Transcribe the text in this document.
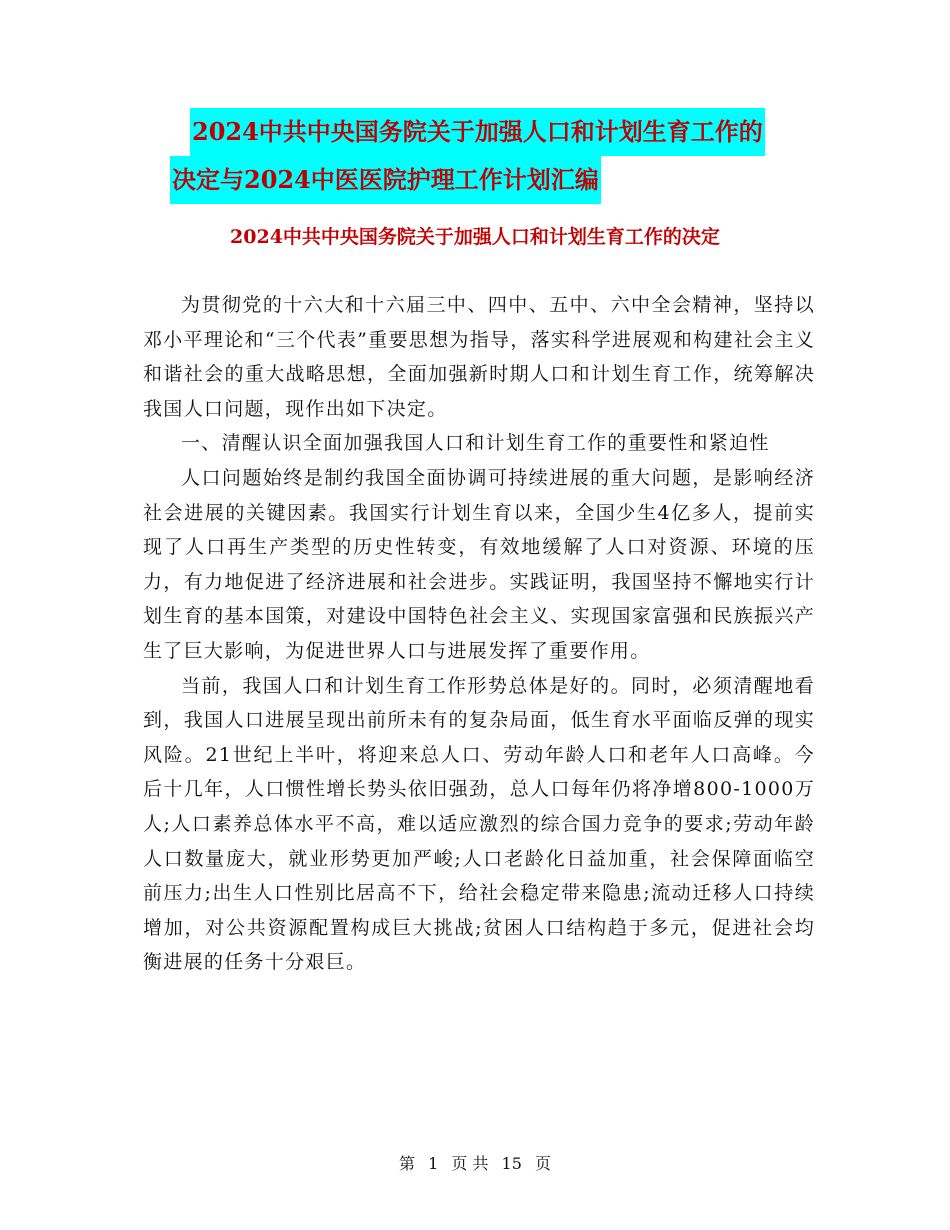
2024中共中央国务院关于加强人口和计划生育工作的
决定与2024中医医院护理工作计划汇编
2024中共中央国务院关于加强人口和计划生育工作的决定

为贯彻党的十六大和十六届三中、四中、五中、六中全会精神，坚持以邓小平理论和“三个代表”重要思想为指导，落实科学进展观和构建社会主义和谐社会的重大战略思想，全面加强新时期人口和计划生育工作，统筹解决我国人口问题，现作出如下决定。

一、清醒认识全面加强我国人口和计划生育工作的重要性和紧迫性

人口问题始终是制约我国全面协调可持续进展的重大问题，是影响经济社会进展的关键因素。我国实行计划生育以来，全国少生4亿多人，提前实现了人口再生产类型的历史性转变，有效地缓解了人口对资源、环境的压力，有力地促进了经济进展和社会进步。实践证明，我国坚持不懈地实行计划生育的基本国策，对建设中国特色社会主义、实现国家富强和民族振兴产生了巨大影响，为促进世界人口与进展发挥了重要作用。

当前，我国人口和计划生育工作形势总体是好的。同时，必须清醒地看到，我国人口进展呈现出前所未有的复杂局面，低生育水平面临反弹的现实风险。21世纪上半叶，将迎来总人口、劳动年龄人口和老年人口高峰。今后十几年，人口惯性增长势头依旧强劲，总人口每年仍将净增800-1000万人;人口素养总体水平不高，难以适应激烈的综合国力竞争的要求;劳动年龄人口数量庞大，就业形势更加严峻;人口老龄化日益加重，社会保障面临空前压力;出生人口性别比居高不下，给社会稳定带来隐患;流动迁移人口持续增加，对公共资源配置构成巨大挑战;贫困人口结构趋于多元，促进社会均衡进展的任务十分艰巨。

第 1 页 共 15 页
